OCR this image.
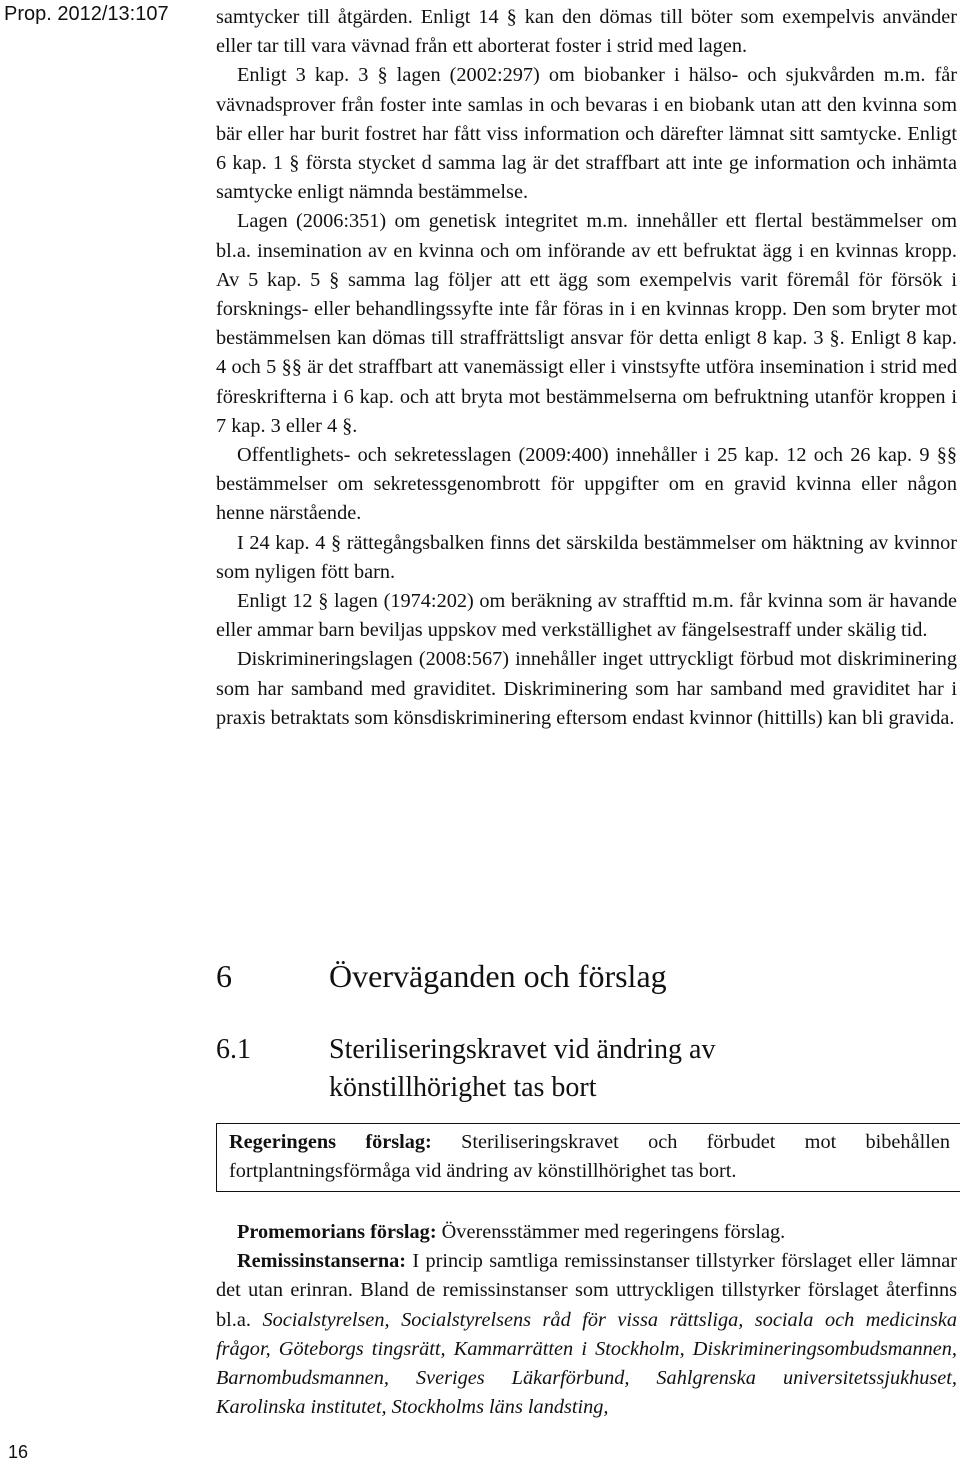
Prop. 2012/13:107 samtycker till åtgärden. Enligt 14 § kan den dömas till böter som exempelvis använder eller tar till vara vävnad från ett aborterat foster i strid med lagen.

Enligt 3 kap. 3 § lagen (2002:297) om biobanker i hälso- och sjukvården m.m. får vävnadsprover från foster inte samlas in och bevaras i en biobank utan att den kvinna som bär eller har burit fostret har fått viss information och därefter lämnat sitt samtycke. Enligt 6 kap. 1 § första stycket d samma lag är det straffbart att inte ge information och inhämta samtycke enligt nämnda bestämmelse.

Lagen (2006:351) om genetisk integritet m.m. innehåller ett flertal bestämmelser om bl.a. insemination av en kvinna och om införande av ett befruktat ägg i en kvinnas kropp. Av 5 kap. 5 § samma lag följer att ett ägg som exempelvis varit föremål för försök i forsknings- eller behandlingssyfte inte får föras in i en kvinnas kropp. Den som bryter mot bestämmelsen kan dömas till straffrättsligt ansvar för detta enligt 8 kap. 3 §. Enligt 8 kap. 4 och 5 §§ är det straffbart att vanemässigt eller i vinstsyfte utföra insemination i strid med föreskrifterna i 6 kap. och att bryta mot bestämmelserna om befruktning utanför kroppen i 7 kap. 3 eller 4 §.

Offentlighets- och sekretesslagen (2009:400) innehåller i 25 kap. 12 och 26 kap. 9 §§ bestämmelser om sekretessgenombrott för uppgifter om en gravid kvinna eller någon henne närstående.

I 24 kap. 4 § rättegångsbalken finns det särskilda bestämmelser om häktning av kvinnor som nyligen fött barn.

Enligt 12 § lagen (1974:202) om beräkning av strafftid m.m. får kvinna som är havande eller ammar barn beviljas uppskov med verkställighet av fängelsestraff under skälig tid.

Diskrimineringslagen (2008:567) innehåller inget uttryckligt förbud mot diskriminering som har samband med graviditet. Diskriminering som har samband med graviditet har i praxis betraktats som könsdiskriminering eftersom endast kvinnor (hittills) kan bli gravida.

6	Överväganden och förslag
6.1	Steriliseringskravet vid ändring av
könstillhörighet tas bort
Regeringens förslag: Steriliseringskravet och förbudet mot bibehållen fortplantningsförmåga vid ändring av könstillhörighet tas bort.

Promemorians förslag: Överensstämmer med regeringens förslag.

Remissinstanserna: I princip samtliga remissinstanser tillstyrker förslaget eller lämnar det utan erinran. Bland de remissinstanser som uttryckligen tillstyrker förslaget återfinns bl.a. Socialstyrelsen, Socialstyrelsens råd för vissa rättsliga, sociala och medicinska frågor, Göteborgs tingsrätt, Kammarrätten i Stockholm, Diskrimineringsombudsmannen, Barnombudsmannen, Sveriges Läkarförbund, Sahlgrenska universitetssjukhuset, Karolinska institutet, Stockholms läns landsting,

16
